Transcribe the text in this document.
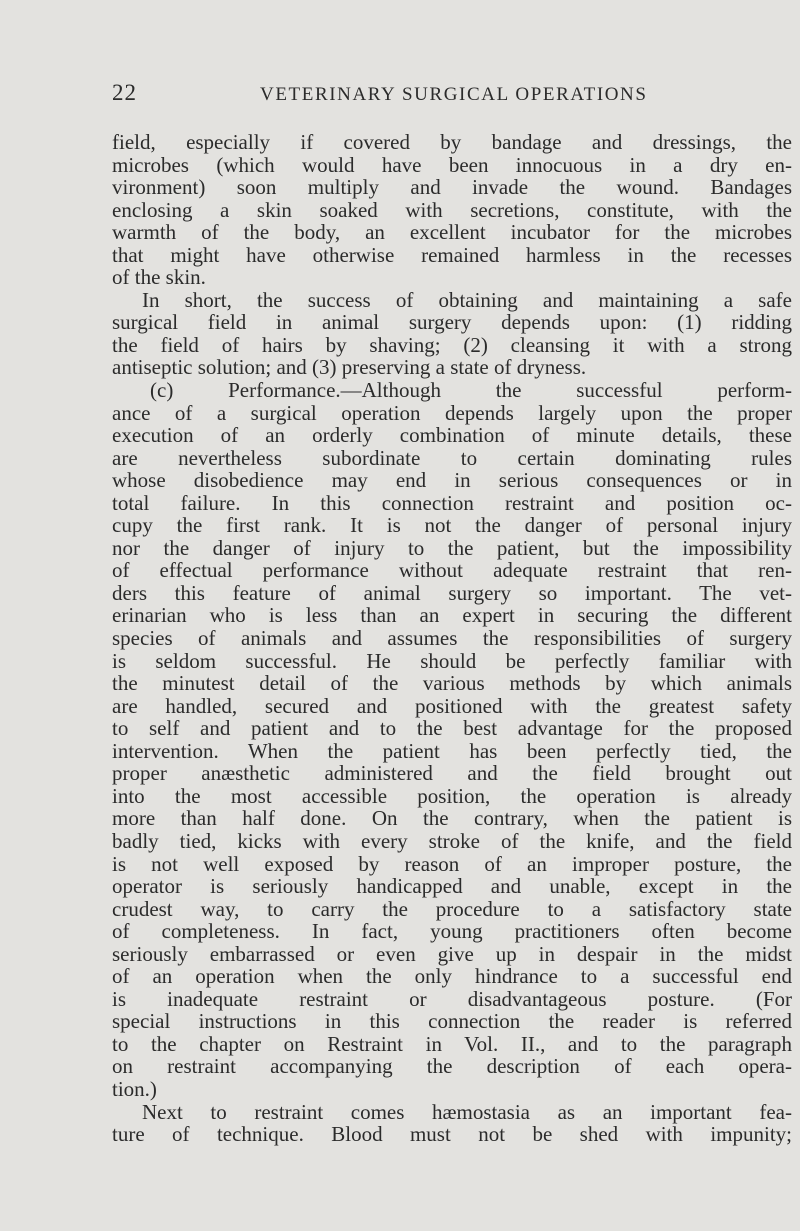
22	VETERINARY SURGICAL OPERATIONS
field, especially if covered by bandage and dressings, the
microbes (which would have been innocuous in a dry en-
vironment) soon multiply and invade the wound. Bandages
enclosing a skin soaked with secretions, constitute, with the
warmth of the body, an excellent incubator for the microbes
that might have otherwise remained harmless in the recesses
of the skin.
In short, the success of obtaining and maintaining a safe
surgical field in animal surgery depends upon: (1) ridding
the field of hairs by shaving; (2) cleansing it with a strong
antiseptic solution; and (3) preserving a state of dryness.
(c) Performance.—Although the successful perform-
ance of a surgical operation depends largely upon the proper
execution of an orderly combination of minute details, these
are nevertheless subordinate to certain dominating rules
whose disobedience may end in serious consequences or in
total failure. In this connection restraint and position oc-
cupy the first rank. It is not the danger of personal injury
nor the danger of injury to the patient, but the impossibility
of effectual performance without adequate restraint that ren-
ders this feature of animal surgery so important. The vet-
erinarian who is less than an expert in securing the different
species of animals and assumes the responsibilities of surgery
is seldom successful. He should be perfectly familiar with
the minutest detail of the various methods by which animals
are handled, secured and positioned with the greatest safety
to self and patient and to the best advantage for the proposed
intervention. When the patient has been perfectly tied, the
proper anæsthetic administered and the field brought out
into the most accessible position, the operation is already
more than half done. On the contrary, when the patient is
badly tied, kicks with every stroke of the knife, and the field
is not well exposed by reason of an improper posture, the
operator is seriously handicapped and unable, except in the
crudest way, to carry the procedure to a satisfactory state
of completeness. In fact, young practitioners often become
seriously embarrassed or even give up in despair in the midst
of an operation when the only hindrance to a successful end
is inadequate restraint or disadvantageous posture. (For
special instructions in this connection the reader is referred
to the chapter on Restraint in Vol. II., and to the paragraph
on restraint accompanying the description of each opera-
tion.)
Next to restraint comes hæmostasia as an important fea-
ture of technique. Blood must not be shed with impunity;
